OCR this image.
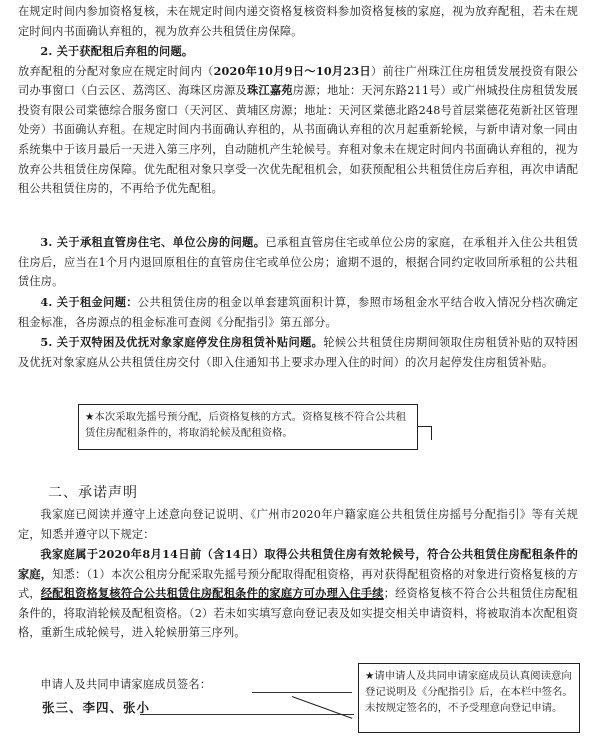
在规定时间内参加资格复核，未在规定时间内递交资格复核资料参加资格复核的家庭，视为放弃配租，若未在规定时间内书面确认弃租的，视为放弃公共租赁住房保障。

2. 关于获配租后弃租的问题。
放弃配租的分配对象应在规定时间内（2020年10月9日～10月23日）前往广州珠江住房租赁发展投资有限公司办事窗口（白云区、荔湾区、海珠区房源及珠江嘉苑房源；地址：天河东路211号）或广州城投住房租赁发展投资有限公司棠德综合服务窗口（天河区、黄埔区房源；地址：天河区棠德北路248号首层棠德花苑新社区管理处旁）书面确认弃租。在规定时间内书面确认弃租的，从书面确认弃租的次月起重新轮候，与新申请对象一同由系统集中于该月最后一天进入第三序列，自动随机产生轮候号。弃租对象未在规定时间内书面确认弃租的，视为放弃公共租赁住房保障。优先配租对象只享受一次优先配租机会，如获预配租公共租赁住房后弃租，再次申请配租公共租赁住房的，不再给予优先配租。

3. 关于承租直管房住宅、单位公房的问题。已承租直管房住宅或单位公房的家庭，在承租并入住公共租赁住房后，应当在1个月内退回原租住的直管房住宅或单位公房；逾期不退的，根据合同约定收回所承租的公共租赁住房。

4. 关于租金问题：公共租赁住房的租金以单套建筑面积计算，参照市场租金水平结合收入情况分档次确定租金标准，各房源点的租金标准可查阅《分配指引》第五部分。

5. 关于双特困及优抚对象家庭停发住房租赁补贴问题。轮候公共租赁住房期间领取住房租赁补贴的双特困及优抚对象家庭从公共租赁住房交付（即入住通知书上要求办理入住的时间）的次月起停发住房租赁补贴。

★本次采取先摇号预分配，后资格复核的方式。资格复核不符合公共租赁住房配租条件的，将取消轮候及配租资格。
二、承诺声明

我家庭已阅读并遵守上述意向登记说明、《广州市2020年户籍家庭公共租赁住房摇号分配指引》等有关规定，知悉并遵守以下规定：

我家庭属于2020年8月14日前（含14日）取得公共租赁住房有效轮候号，符合公共租赁住房配租条件的家庭，知悉：（1）本次公租房分配采取先摇号预分配取得配租资格，再对获得配租资格的对象进行资格复核的方式，经配租资格复核符合公共租赁住房配租条件的家庭方可办理入住手续；经资格复核不符合公共租赁住房配租条件的，将取消轮候及配租资格。（2）若未如实填写意向登记表及如实提交相关申请资料，将被取消本次配租资格，重新生成轮候号，进入轮候册第三序列。

申请人及共同申请家庭成员签名：
张三、李四、张小
★请申请人及共同申请家庭成员认真阅读意向登记说明及《分配指引》后，在本栏中签名。未按规定签名的，不予受理意向登记申请。
